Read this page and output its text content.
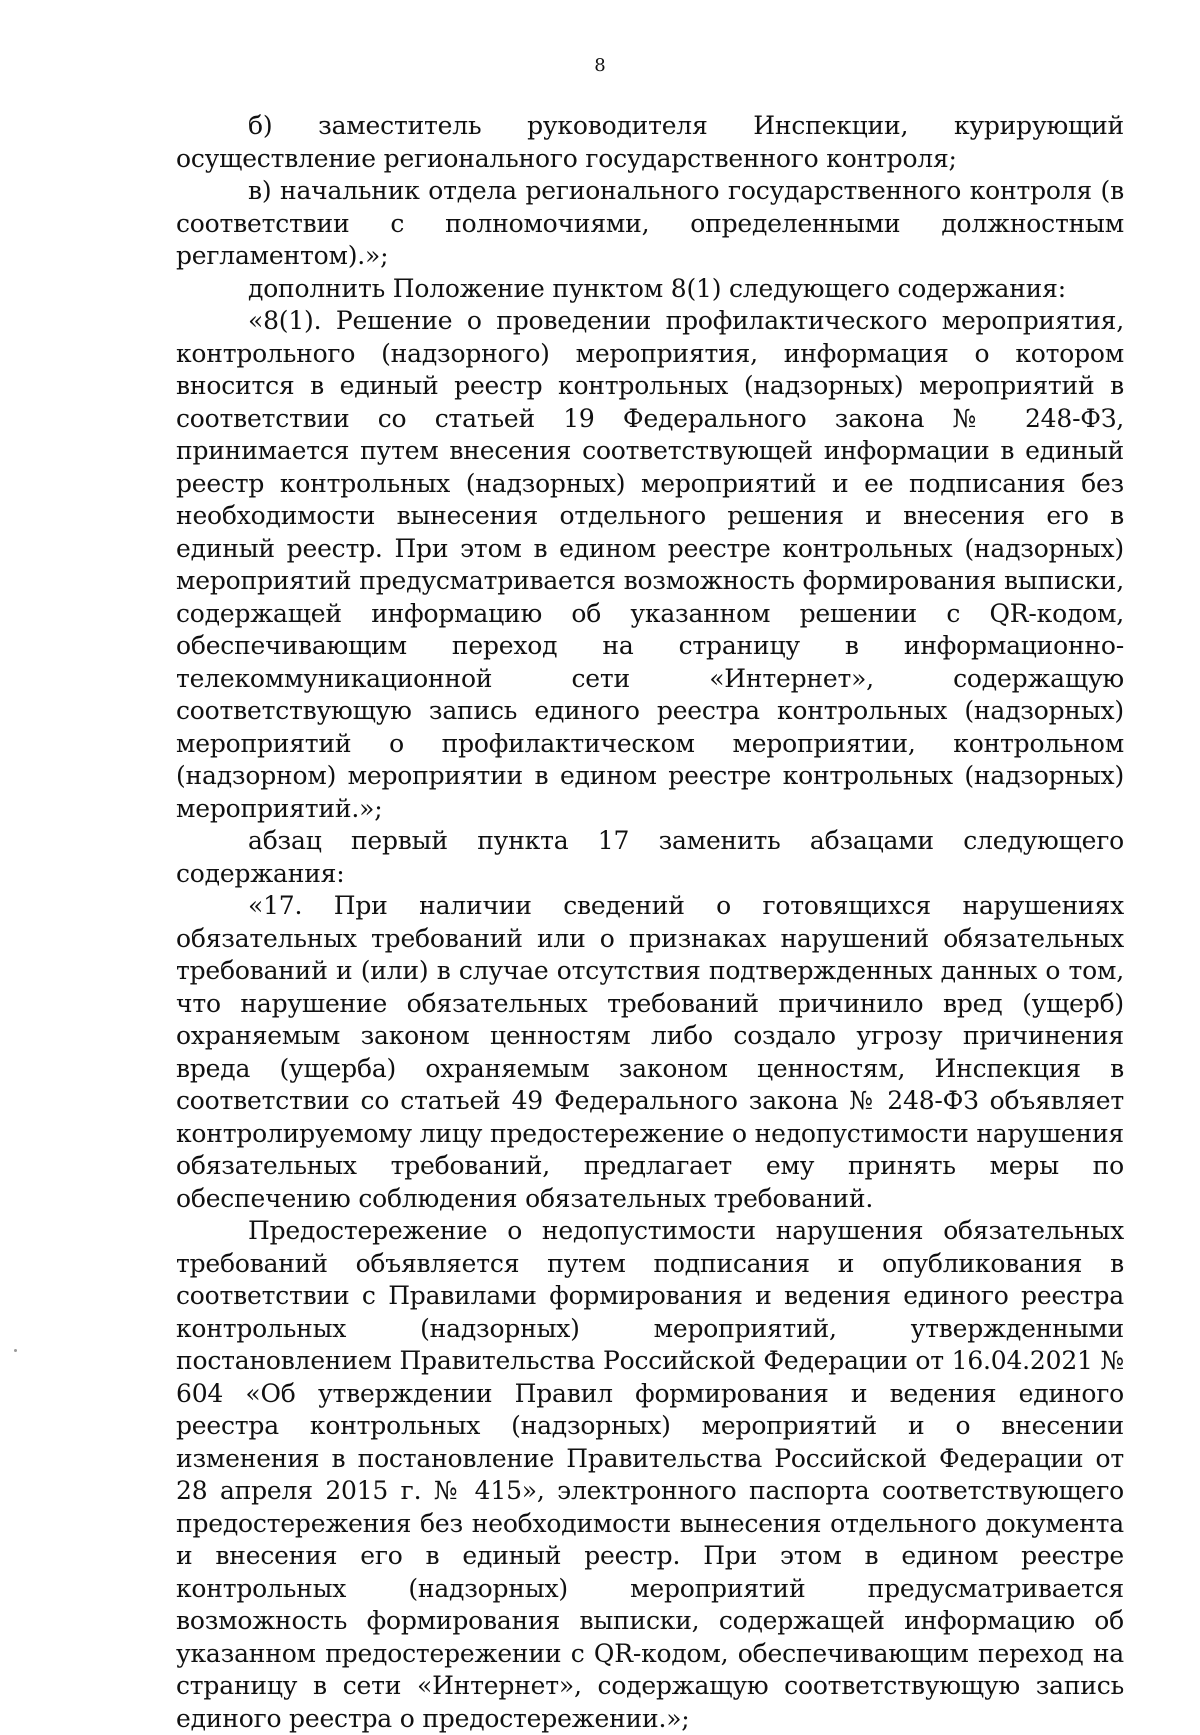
8

б) заместитель руководителя Инспекции, курирующий осуществление регионального государственного контроля;

в) начальник отдела регионального государственного контроля (в соответствии с полномочиями, определенными должностным регламентом).»;

дополнить Положение пунктом 8(1) следующего содержания:

«8(1). Решение о проведении профилактического мероприятия, контрольного (надзорного) мероприятия, информация о котором вносится в единый реестр контрольных (надзорных) мероприятий в соответствии со статьей 19 Федерального закона № 248-ФЗ, принимается путем внесения соответствующей информации в единый реестр контрольных (надзорных) мероприятий и ее подписания без необходимости вынесения отдельного решения и внесения его в единый реестр. При этом в едином реестре контрольных (надзорных) мероприятий предусматривается возможность формирования выписки, содержащей информацию об указанном решении с QR-кодом, обеспечивающим переход на страницу в информационно-телекоммуникационной сети «Интернет», содержащую соответствующую запись единого реестра контрольных (надзорных) мероприятий о профилактическом мероприятии, контрольном (надзорном) мероприятии в едином реестре контрольных (надзорных) мероприятий.»;

абзац первый пункта 17 заменить абзацами следующего содержания:

«17. При наличии сведений о готовящихся нарушениях обязательных требований или о признаках нарушений обязательных требований и (или) в случае отсутствия подтвержденных данных о том, что нарушение обязательных требований причинило вред (ущерб) охраняемым законом ценностям либо создало угрозу причинения вреда (ущерба) охраняемым законом ценностям, Инспекция в соответствии со статьей 49 Федерального закона № 248-ФЗ объявляет контролируемому лицу предостережение о недопустимости нарушения обязательных требований, предлагает ему принять меры по обеспечению соблюдения обязательных требований.

Предостережение о недопустимости нарушения обязательных требований объявляется путем подписания и опубликования в соответствии с Правилами формирования и ведения единого реестра контрольных (надзорных) мероприятий, утвержденными постановлением Правительства Российской Федерации от 16.04.2021 № 604 «Об утверждении Правил формирования и ведения единого реестра контрольных (надзорных) мероприятий и о внесении изменения в постановление Правительства Российской Федерации от 28 апреля 2015 г. № 415», электронного паспорта соответствующего предостережения без необходимости вынесения отдельного документа и внесения его в единый реестр. При этом в едином реестре контрольных (надзорных) мероприятий предусматривается возможность формирования выписки, содержащей информацию об указанном предостережении с QR-кодом, обеспечивающим переход на страницу в сети «Интернет», содержащую соответствующую запись единого реестра о предостережении.»;
